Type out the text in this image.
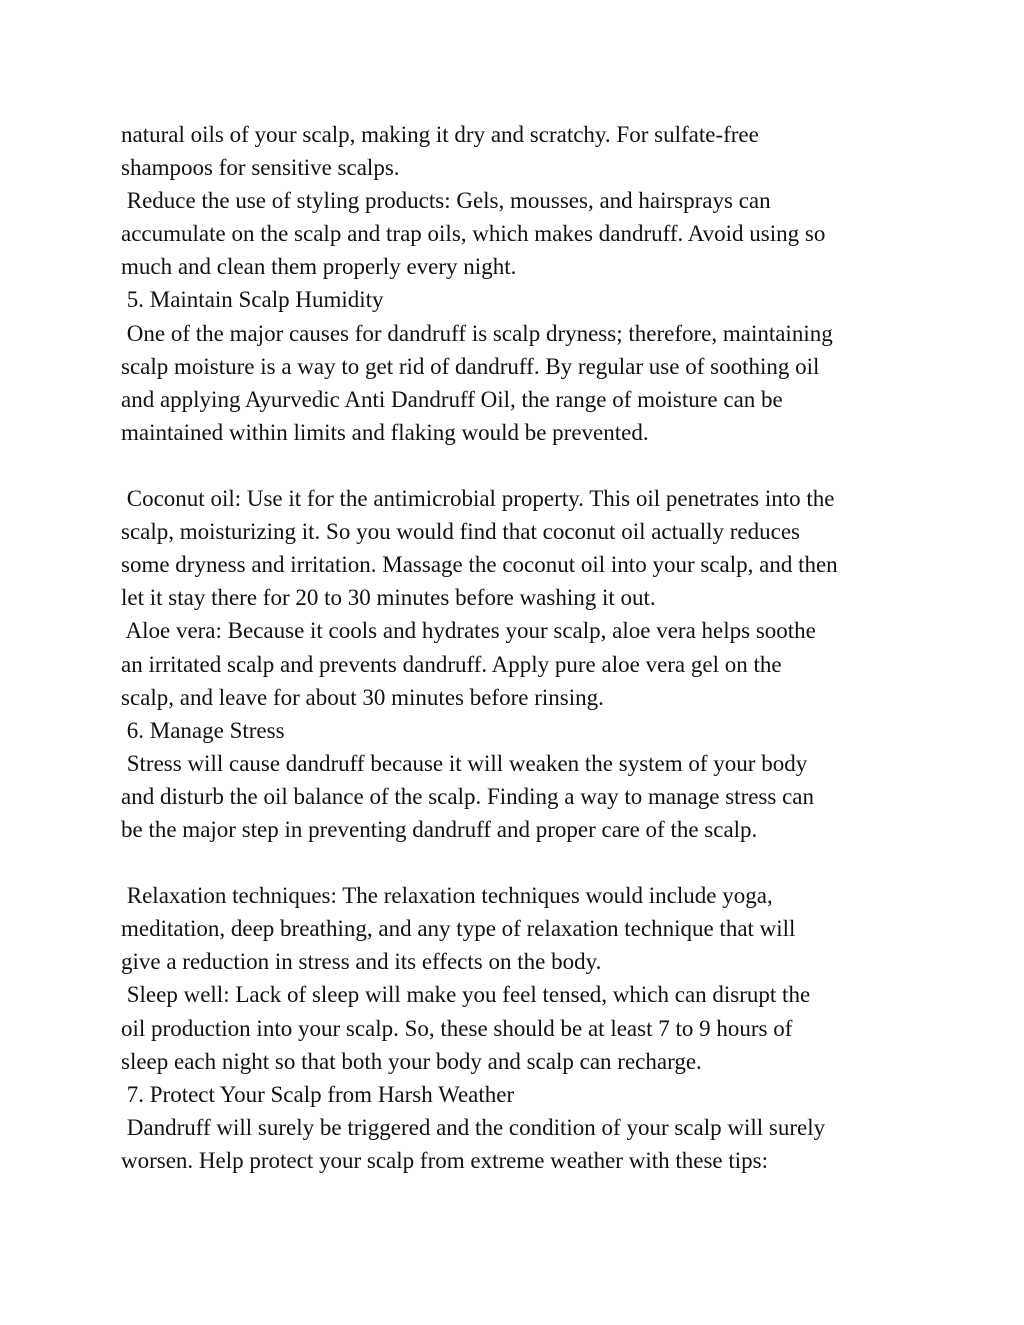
natural oils of your scalp, making it dry and scratchy. For sulfate-free
shampoos for sensitive scalps.
Reduce the use of styling products: Gels, mousses, and hairsprays can
accumulate on the scalp and trap oils, which makes dandruff. Avoid using so
much and clean them properly every night.
5. Maintain Scalp Humidity
One of the major causes for dandruff is scalp dryness; therefore, maintaining
scalp moisture is a way to get rid of dandruff. By regular use of soothing oil
and applying Ayurvedic Anti Dandruff Oil, the range of moisture can be
maintained within limits and flaking would be prevented.
Coconut oil: Use it for the antimicrobial property. This oil penetrates into the
scalp, moisturizing it. So you would find that coconut oil actually reduces
some dryness and irritation. Massage the coconut oil into your scalp, and then
let it stay there for 20 to 30 minutes before washing it out.
Aloe vera: Because it cools and hydrates your scalp, aloe vera helps soothe
an irritated scalp and prevents dandruff. Apply pure aloe vera gel on the
scalp, and leave for about 30 minutes before rinsing.
6. Manage Stress
Stress will cause dandruff because it will weaken the system of your body
and disturb the oil balance of the scalp. Finding a way to manage stress can
be the major step in preventing dandruff and proper care of the scalp.
Relaxation techniques: The relaxation techniques would include yoga,
meditation, deep breathing, and any type of relaxation technique that will
give a reduction in stress and its effects on the body.
Sleep well: Lack of sleep will make you feel tensed, which can disrupt the
oil production into your scalp. So, these should be at least 7 to 9 hours of
sleep each night so that both your body and scalp can recharge.
7. Protect Your Scalp from Harsh Weather
Dandruff will surely be triggered and the condition of your scalp will surely
worsen. Help protect your scalp from extreme weather with these tips:
